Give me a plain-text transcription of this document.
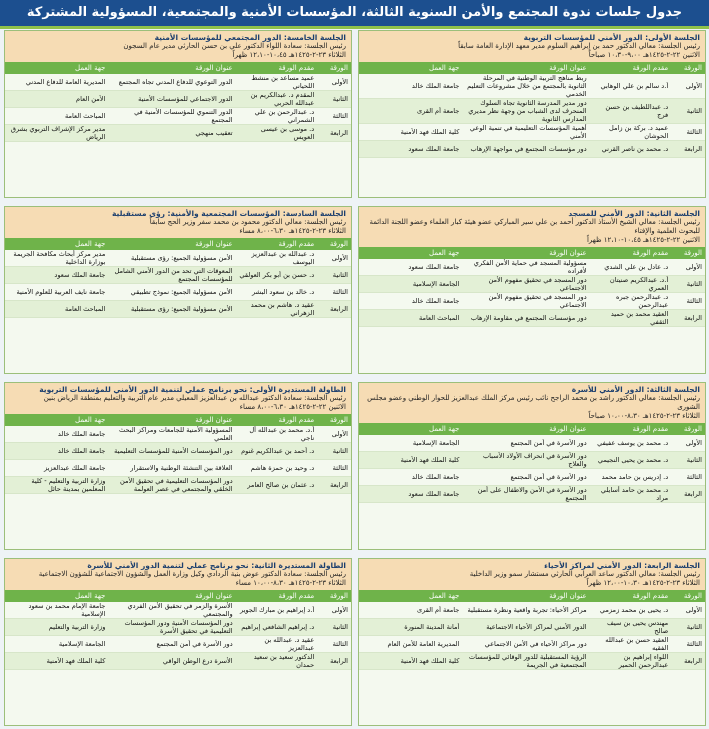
جدول جلسات ندوة المجتمع والأمن السنوية الثالثة، المؤسسات الأمنية والمجتمعية، المسؤولية المشتركة
الجلسة الأولى: الدور الأمني للمؤسسات التربوية
رئيس الجلسة: معالي الدكتور حمد بن إبراهيم السلوم مدير معهد الإدارة العامة سابقاً
الاثنين ٢٢-٢-١٤٢٥هـ ٩،٠٠-١٠،٣٠ صباحاً
الورقة
مقدم الورقة
عنوان الورقة
جهة العمل
الأولى
أ.د سالم بن علي الوهابي
ربط مناهج التربية الوطنية في المرحلة الثانوية بالمجتمع من خلال مشروعات التعليم الخدمي
جامعة الملك خالد
الثانية
د. عبداللطيف بن حسن فرج
دور مدير المدرسة الثانوية تجاه السلوك المنحرف لدى الشباب من وجهة نظر مديري المدارس الثانوية
جامعة أم القرى
الثالثة
عميد د. بركة بن زامل الحوشان
أهمية المؤسسات التعليمية في تنمية الوعي الأمني
كلية الملك فهد الأمنية
الرابعة
د. محمد بن ناصر القرني
دور مؤسسات المجتمع في مواجهة الإرهاب
جامعة الملك سعود
الجلسة الثانية: الدور الأمني للمسجد
رئيس الجلسة: معالي الشيخ الأستاذ الدكتور أحمد بن علي سير المباركي عضو هيئة كبار العلماء وعضو اللجنة الدائمة للبحوث العلمية والإفتاء
الاثنين ٢٢-٢-١٤٢٥هـ ١٠،٤٥-١٢،١٠ ظهراً
الورقة
مقدم الورقة
عنوان الورقة
جهة العمل
الأولى
د. عادل بن علي الشدي
مسؤولية المسجد في حماية الأمن الفكري لأفراده
جامعة الملك سعود
الثانية
أ.د. عبدالكريم صنيتان العمري
دور المسجد في تحقيق مفهوم الأمن الاجتماعي
الجامعة الإسلامية
الثالثة
د. عبدالرحمن جبره عبدالرحمن
دور المسجد في تحقيق مفهوم الأمن الاجتماعي
جامعة الملك خالد
الرابعة
العقيد محمد بن حميد الثقفي
دور مؤسسات المجتمع في مقاومة الإرهاب
المباحث العامة
الجلسة الثالثة: الدور الأمني للأسرة
رئيس الجلسة: معالي الدكتور راشد بن محمد الراجح نائب رئيس مركز الملك عبدالعزيز للحوار الوطني وعضو مجلس الشورى
الثلاثاء ٢٣-٢-١٤٢٥هـ ٨،٣٠-١٠،٠٠ صباحاً
الورقة
مقدم الورقة
عنوان الورقة
جهة العمل
الأولى
د. محمد بن يوسف عفيفي
دور الأسرة في أمن المجتمع
الجامعة الإسلامية
الثانية
د. محمد بن يحيى النجيمي
دور الأسرة في انحراف الأولاد الأسباب والعلاج
كلية الملك فهد الأمنية
الثالثة
د. إدريس بن حامد محمد
دور الأسرة في أمن المجتمع
جامعة الملك خالد
الرابعة
د. محمد بن حامد أسايلي مراد
دور الأسرة في الأمن والاطفال على أمن المجتمع
جامعة الملك سعود
الجلسة الرابعة: الدور الأمني لمراكز الأحياء
رئيس الجلسة: معالي الدكتور ساعد العرابي الحارثي مستشار سمو وزير الداخلية
الثلاثاء ٢٣-٢-١٤٢٥هـ ١٠،٣٠-١٢،٠٠ ظهراً
الورقة
مقدم الورقة
عنوان الورقة
جهة العمل
الأولى
د. يحيى بن محمد زمزمي
مراكز الأحياء: تجربة واقعية ونظرة مستقبلية
جامعة أم القرى
الثانية
مهندس يحيى بن سيف صالح
الدور الأمني لمراكز الأحياء الاجتماعية
أمانة المدينة المنورة
الثالثة
العقيد حسن بن عبدالله الفقيه
دور مراكز الأحياء في الأمن الاجتماعي
المديرية العامة للأمن العام
الرابعة
اللواء إبراهيم بن عبدالرحمن الحمير
الرؤية المستقبلية للدور الوقائي للمؤسسات المجتمعية في الجريمة
كلية الملك فهد الأمنية
الجلسة الخامسة: الدور المجتمعي للمؤسسات الأمنية
رئيس الجلسة: سعادة اللواء الدكتور علي بن حسن الحارثي مدير عام السجون
الثلاثاء ٢٣-٢-١٤٢٥هـ ١٠،٤٥-١٢،١٠ ظهراً
الورقة
مقدم الورقة
عنوان الورقة
جهة العمل
الأولى
عميد مساعد بن منشط اللحياني
الدور التوعوي للدفاع المدني تجاه المجتمع
المديرية العامة للدفاع المدني
الثانية
المقدم د. عبدالكريم بن عبدالله الحربي
الدور الاجتماعي للمؤسسات الأمنية
الأمن العام
الثالثة
د. عبدالرحمن بن علي الشمراني
الدور التنموي للمؤسسات الأمنية في المجتمع
المباحث العامة
الرابعة
د. موسى بن عيسى العويس
تعقيب منهجي
مدير مركز الإشراف التربوي بشرق الرياض
الجلسة السادسة: المؤسسات المجتمعية والأمنية: رؤى مستقبلية
رئيس الجلسة: معالي الدكتور محمود بن محمد سفر وزير الحج سابقاً
الثلاثاء ٢٣-٢-١٤٢٥هـ ٦،٣٠-٨،٠٠ مساء
الورقة
مقدم الورقة
عنوان الورقة
جهة العمل
الأولى
د. عبدالله بن عبدالعزيز اليوسف
الأمن مسؤولية الجميع: رؤى مستقبلية
مدير مركز أبحاث مكافحة الجريمة بوزارة الداخلية
الثانية
د. حسن بن أبو بكر العولقي
المعوقات التي تحد من الدور الأمني الشامل للمؤسسات المجتمع
جامعة الملك سعود
الثالثة
د. خالد بن سعود البشر
الأمن مسؤولية الجميع: نموذج تطبيقي
جامعة نايف العربية للعلوم الأمنية
الرابعة
عقيد د. هاشم بن محمد الزهراني
الأمن مسؤولية الجميع: رؤى مستقبلية
المباحث العامة
الطاولة المستديرة الأولى: نحو برنامج عملي لتنمية الدور الأمني للمؤسسات التربوية
رئيس الجلسة: سعادة الدكتور عبدالله بن عبدالعزيز المعيلي مدير عام التربية والتعليم بمنطقة الرياض بنين
الاثنين ٢٢-٢-١٤٢٥هـ ٦،٣٠-٨،٠٠ مساء
الورقة
مقدم الورقة
عنوان الورقة
جهة العمل
الأولى
أ.د. محمد بن عبدالله آل ناجي
المسؤولية الأمنية للجامعات ومراكز البحث العلمي
جامعة الملك خالد
الثانية
د. أحمد بن عبدالكريم غنوم
دور المؤسسات الأمنية للمؤسسات التعليمية
جامعة الملك خالد
الثالثة
د. وحيد بن حمزة هاشم
العلاقة بين التنشئة الوطنية والاستقرار
جامعة الملك عبدالعزيز
الرابعة
د. عثمان بن صالح العامر
دور المؤسسات التعليمية في تحقيق الأمن الخلقي والمجتمعي في عصر العولمة
وزارة التربية والتعليم - كلية المعلمين بمدينة حائل
الطاولة المستديرة الثانية: نحو برنامج عملي لتنمية الدور الأمني للأسرة
رئيس الجلسة: سعادة الدكتور عوض بنية الردادي وكيل وزارة العمل والشؤون الاجتماعية للشؤون الاجتماعية
الثلاثاء ٢٣-٢-١٤٢٥هـ ٨،٣٠-١٠،٠٠ مساء
الورقة
مقدم الورقة
عنوان الورقة
جهة العمل
الأولى
أ.د إبراهيم بن مبارك الجوير
الأسرة والزمر في تحقيق الأمن الفردي والمجتمعي
جامعة الإمام محمد بن سعود الإسلامية
الثانية
د. إبراهيم الشافعي إبراهيم
دور المؤسسات الأمنية ودور المؤسسات التعليمية في تحقيق الأسرة
وزارة التربية والتعليم
الثالثة
عقيد د. عبدالله بن عبدالعزيز
دور الأسرة في أمن المجتمع
الجامعة الإسلامية
الرابعة
الدكتور سعيد بن سعيد حمدان
الأسرة درع الوطن الواقي
كلية الملك فهد الأمنية
